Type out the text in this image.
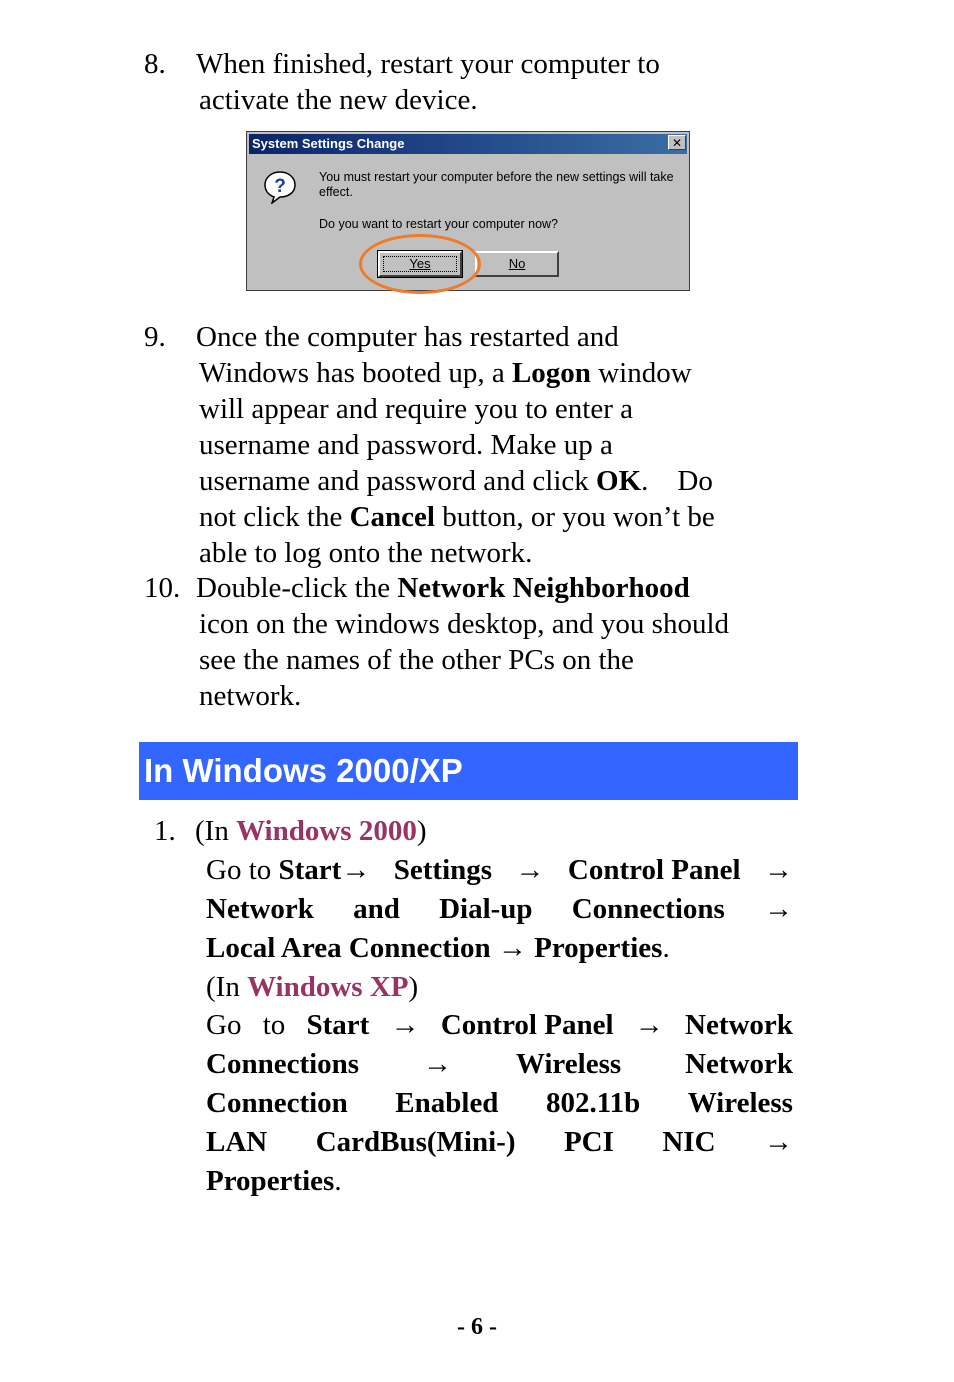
8.	When finished, restart your computer to
activate the new device.
System Settings Change	✕
?	You must restart your computer before the new settings will take
effect.
Do you want to restart your computer now?
Yes	No
9.	Once the computer has restarted and
Windows has booted up, a Logon window
will appear and require you to enter a
username and password. Make up a
username and password and click OK.    Do
not click the Cancel button, or you won’t be
able to log onto the network.
10. Double-click the Network Neighborhood
icon on the windows desktop, and you should
see the names of the other PCs on the
network.
In Windows 2000/XP
1. (In Windows 2000)
Go to Start→ Settings → Control Panel →
Network and Dial-up Connections →
Local Area Connection → Properties.
(In Windows XP)
Go to Start → Control Panel → Network
Connections → Wireless Network
Connection Enabled 802.11b Wireless
LAN CardBus(Mini-) PCI NIC →
Properties.
- 6 -
